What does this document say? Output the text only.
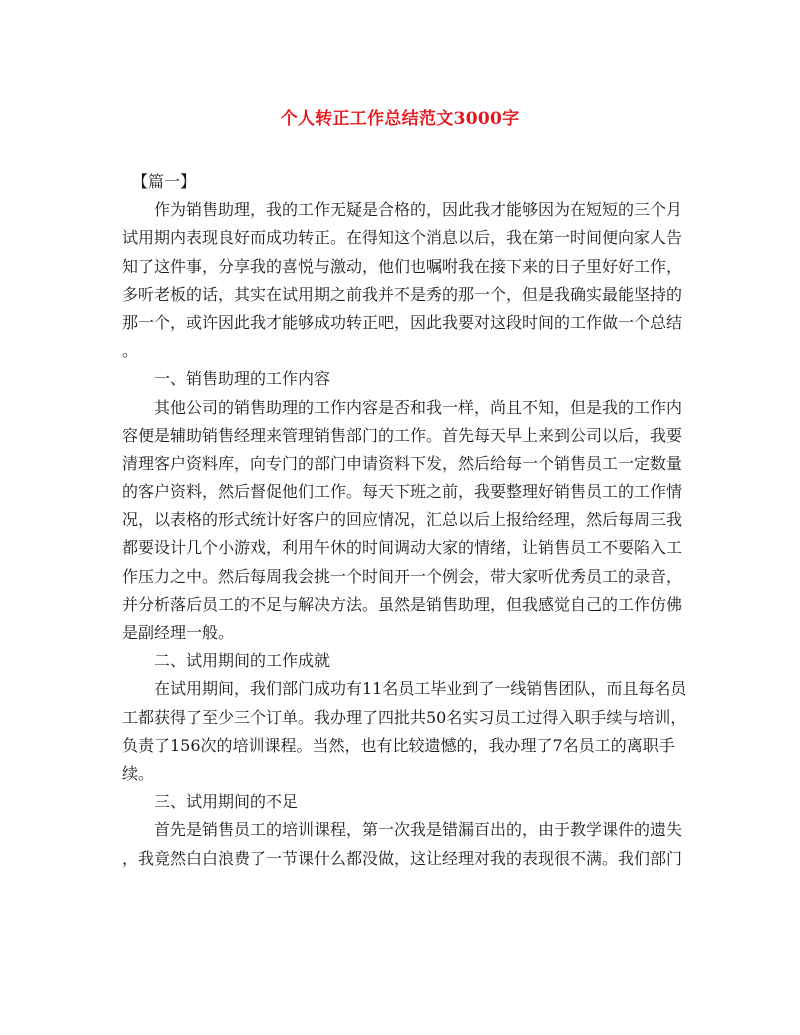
个人转正工作总结范文3000字
【篇一】
作为销售助理，我的工作无疑是合格的，因此我才能够因为在短短的三个月
试用期内表现良好而成功转正。在得知这个消息以后，我在第一时间便向家人告
知了这件事，分享我的喜悦与激动，他们也嘱咐我在接下来的日子里好好工作，
多听老板的话，其实在试用期之前我并不是秀的那一个，但是我确实最能坚持的
那一个，或许因此我才能够成功转正吧，因此我要对这段时间的工作做一个总结
。
一、销售助理的工作内容
其他公司的销售助理的工作内容是否和我一样，尚且不知，但是我的工作内
容便是辅助销售经理来管理销售部门的工作。首先每天早上来到公司以后，我要
清理客户资料库，向专门的部门申请资料下发，然后给每一个销售员工一定数量
的客户资料，然后督促他们工作。每天下班之前，我要整理好销售员工的工作情
况，以表格的形式统计好客户的回应情况，汇总以后上报给经理，然后每周三我
都要设计几个小游戏，利用午休的时间调动大家的情绪，让销售员工不要陷入工
作压力之中。然后每周我会挑一个时间开一个例会，带大家听优秀员工的录音，
并分析落后员工的不足与解决方法。虽然是销售助理，但我感觉自己的工作仿佛
是副经理一般。
二、试用期间的工作成就
在试用期间，我们部门成功有11名员工毕业到了一线销售团队，而且每名员
工都获得了至少三个订单。我办理了四批共50名实习员工过得入职手续与培训，
负责了156次的培训课程。当然，也有比较遗憾的，我办理了7名员工的离职手
续。
三、试用期间的不足
首先是销售员工的培训课程，第一次我是错漏百出的，由于教学课件的遗失
，我竟然白白浪费了一节课什么都没做，这让经理对我的表现很不满。我们部门
